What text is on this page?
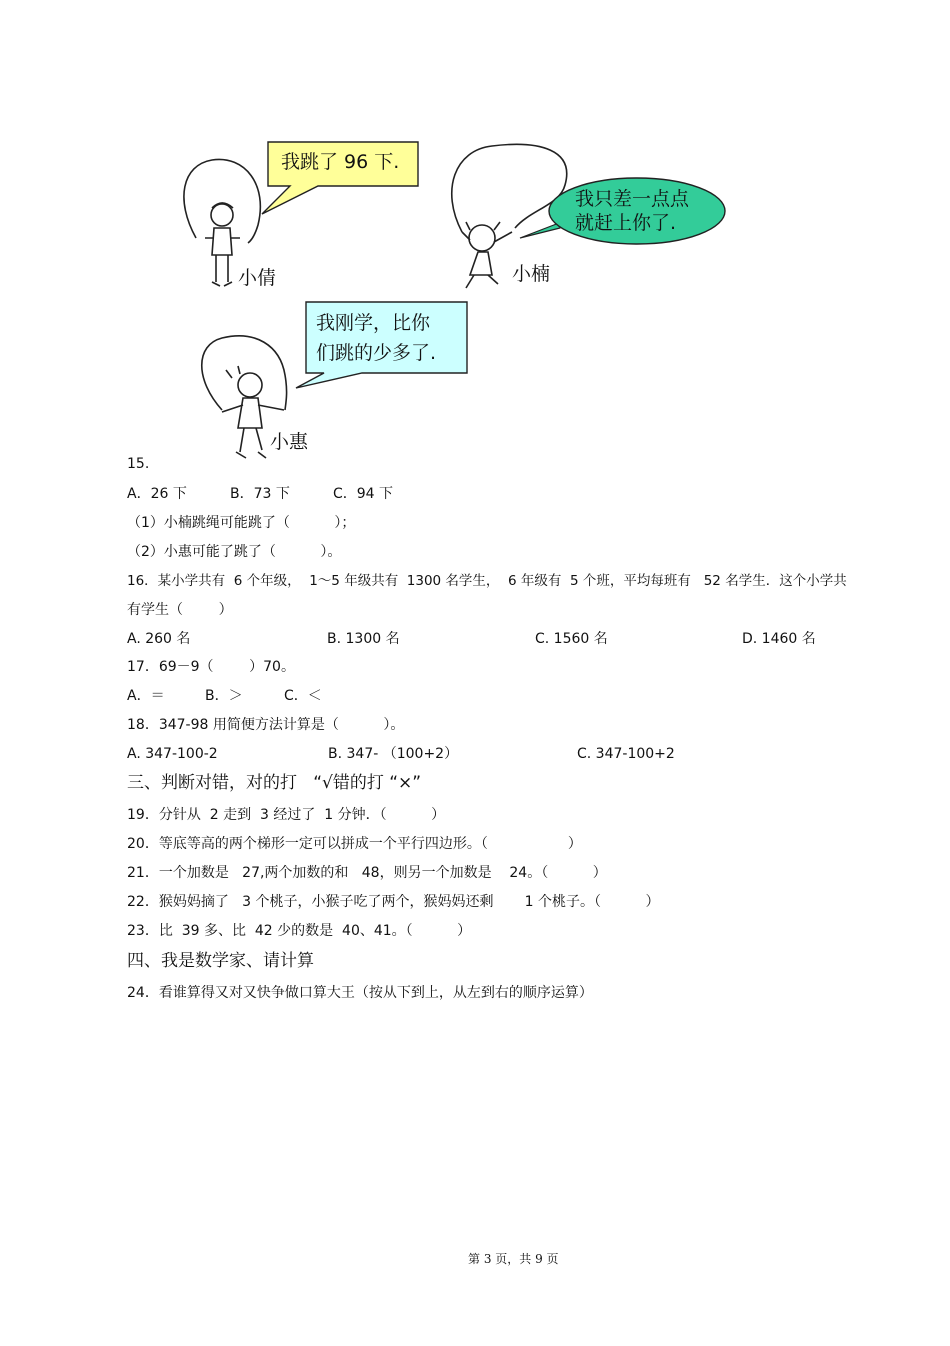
我跳了 96 下.
小倩
我只差一点点
就赶上你了.
小楠
我刚学，比你
们跳的少多了.
小惠
15.
A．26 下	B．73 下	C．94 下
（1）小楠跳绳可能跳了（          ）；
（2）小惠可能了跳了（          ）。
16．某小学共有  6 个年级，  1～5 年级共有  1300 名学生，  6 年级有  5 个班，平均每班有   52 名学生．这个小学共
有学生（        ）
A. 260 名	B. 1300 名	C. 1560 名	D. 1460 名
17．69－9（        ）70。
A．＝	B．＞	C．＜
18．347-98 用简便方法计算是（          ）。
A. 347-100-2	B. 347- （100+2）	C. 347-100+2
三、判断对错，对的打   “√错的打 “×”
19．分针从  2 走到  3 经过了  1 分钟．（          ）
20．等底等高的两个梯形一定可以拼成一个平行四边形。（                  ）
21．一个加数是   27,两个加数的和   48，则另一个加数是    24。（          ）
22．猴妈妈摘了   3 个桃子，小猴子吃了两个，猴妈妈还剩       1 个桃子。（          ）
23．比  39 多、比  42 少的数是  40、41。（          ）
四、我是数学家、请计算
24．看谁算得又对又快争做口算大王（按从下到上，从左到右的顺序运算）
第 3 页，共 9 页
